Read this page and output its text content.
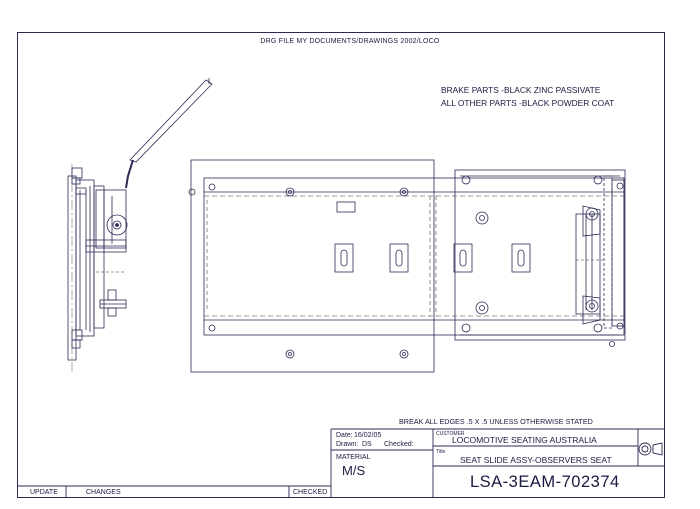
DRG FILE MY DOCUMENTS/DRAWINGS 2002/LOCO
BRAKE PARTS -BLACK ZINC PASSIVATE
ALL OTHER PARTS -BLACK POWDER COAT
BREAK ALL EDGES .5 X .5 UNLESS OTHERWISE STATED
Date: 16/02/05
Drawn: DS Checked:
MATERIAL
M/S
CUSTOMER
LOCOMOTIVE SEATING AUSTRALIA
Title
SEAT SLIDE ASSY-OBSERVERS SEAT
LSA-3EAM-702374
UPDATE	CHANGES	CHECKED
